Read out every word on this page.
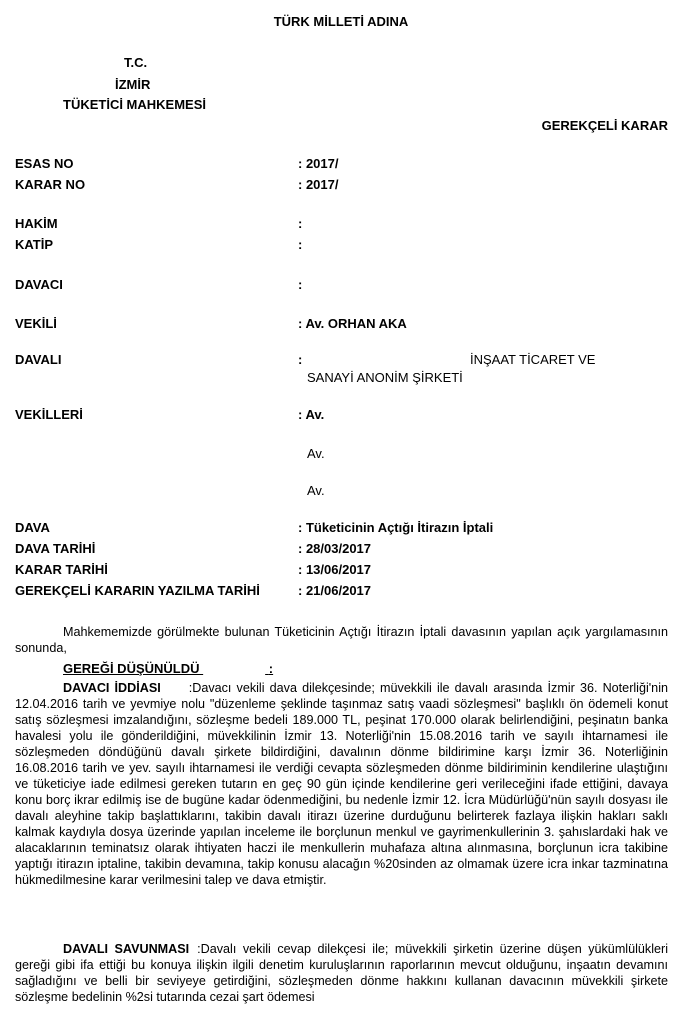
TÜRK MİLLETİ ADINA
T.C.
İZMİR
TÜKETİCİ MAHKEMESİ
GEREKÇELİ KARAR
ESAS NO	: 2017/
KARAR NO	: 2017/
HAKİM	:
KATİP	:
DAVACI	:
VEKİLİ	: Av. ORHAN AKA
DAVALI	:	İNŞAAT TİCARET VE
SANAYİ ANONİM ŞİRKETİ
VEKİLLERİ	: Av.
Av.
Av.
DAVA	: Tüketicinin Açtığı İtirazın İptali
DAVA TARİHİ	: 28/03/2017
KARAR TARİHİ	: 13/06/2017
GEREKÇELİ KARARIN YAZILMA TARİHİ	: 21/06/2017

Mahkememizde görülmekte bulunan Tüketicinin Açtığı İtirazın İptali davasının yapılan açık yargılamasının sonunda,

GEREĞİ DÜŞÜNÜLDÜ	:

DAVACI İDDİASI :Davacı vekili dava dilekçesinde; müvekkili ile davalı arasında İzmir 36. Noterliği'nin 12.04.2016 tarih ve yevmiye nolu "düzenleme şeklinde taşınmaz satış vaadi sözleşmesi" başlıklı ön ödemeli konut satış sözleşmesi imzalandığını, sözleşme bedeli 189.000 TL, peşinat 170.000 olarak belirlendiğini, peşinatın banka havalesi yolu ile gönderildiğini, müvekkilinin İzmir 13. Noterliği'nin 15.08.2016 tarih ve sayılı ihtarnamesi ile sözleşmeden döndüğünü davalı şirkete bildirdiğini, davalının dönme bildirimine karşı İzmir 36. Noterliğinin 16.08.2016 tarih ve yev. sayılı ihtarnamesi ile verdiği cevapta sözleşmeden dönme bildiriminin kendilerine ulaştığını ve tüketiciye iade edilmesi gereken tutarın en geç 90 gün içinde kendilerine geri verileceğini ifade ettiğini, davaya konu borç ikrar edilmiş ise de bugüne kadar ödenmediğini, bu nedenle İzmir 12. İcra Müdürlüğü'nün sayılı dosyası ile davalı aleyhine takip başlattıklarını, takibin davalı itirazı üzerine durduğunu belirterek fazlaya ilişkin hakları saklı kalmak kaydıyla dosya üzerinde yapılan inceleme ile borçlunun menkul ve gayrimenkullerinin 3. şahıslardaki hak ve alacaklarının teminatsız olarak ihtiyaten haczi ile menkullerin muhafaza altına alınmasına, borçlunun icra takibine yaptığı itirazın iptaline, takibin devamına, takip konusu alacağın %20sinden az olmamak üzere icra inkar tazminatına hükmedilmesine karar verilmesini talep ve dava etmiştir.

DAVALI SAVUNMASI :Davalı vekili cevap dilekçesi ile; müvekkili şirketin üzerine düşen yükümlülükleri gereği gibi ifa ettiği bu konuya ilişkin ilgili denetim kuruluşlarının raporlarının mevcut olduğunu, inşaatın devamını sağladığını ve belli bir seviyeye getirdiğini, sözleşmeden dönme hakkını kullanan davacının müvekkili şirkete sözleşme bedelinin %2si tutarında cezai şart ödemesi
